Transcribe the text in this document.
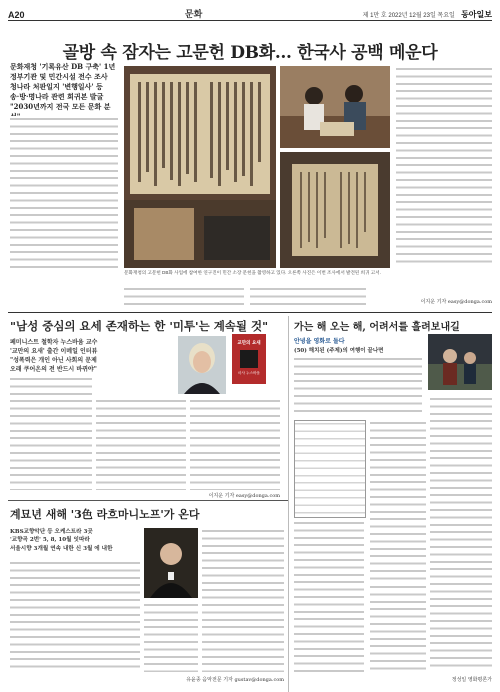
A20	문화	제 1만 호 2022년 12월 23일 목요일 동아일보
골방 속 잠자는 고문헌 DB화… 한국사 공백 메운다
문화재청 '기록유산 DB 구축' 1년
정부기관 및 민간시설 전수 조사
청나라 처판일지 '변행일사' 등
송·방·명나라 관련 희귀본 발굴
"2030년까지 전국 모든 문화 분
문화재청의 고문헌 DB화 사업에 참여한 연구진이 민간 소장 문헌을 촬영하고 있다. 오른쪽 사진은 이번 조사에서 발견된 희귀 고서.
이지운 기자 easy@donga.com
"남성 중심의 요세 존재하는 한 '미투'는 계속될 것"
페미니스트 철학자 누스바움 교수
'교만의 요새' 출간 이메일 인터뷰
"성폭력은 개인 아닌 사회의 문제
오래 쿠어온의 전 반드시 바뀌야"
교만의 요새
마사 누스바움
이지운 기자 easy@donga.com
가는 해 오는 해, 어려서를 흘려보내길
안녕을 영화로 돌다
(50) 해치된 (주제)의 여행이 끝나면
정성일 영화평론가
계묘년 새해 '3色 라흐마니노프'가 온다
KBS교향악단 등 오케스트라 3곳
'교향곡 2번' 5, 8, 10월 잇따라
서울시향 3개월 연속 내한 신 3월 에 내한
유윤종 음악전문 기자 gustav@donga.com
